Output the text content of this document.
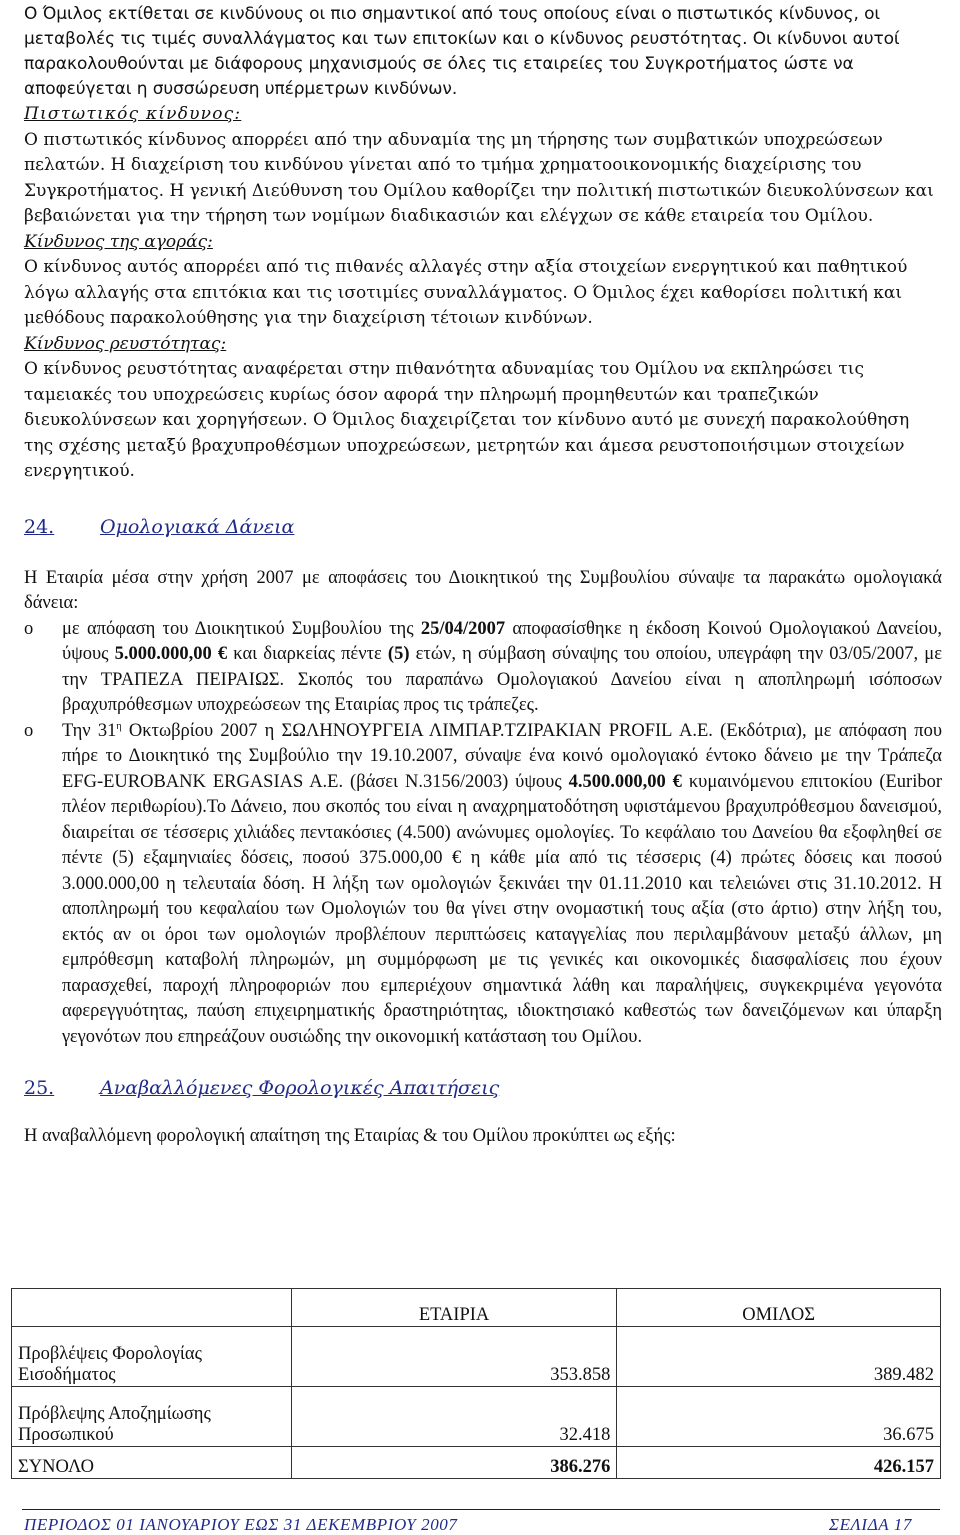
Ο Όμιλος εκτίθεται σε κινδύνους οι πιο σημαντικοί από τους οποίους είναι ο πιστωτικός κίνδυνος, οι μεταβολές τις τιμές συναλλάγματος και των επιτοκίων και ο κίνδυνος ρευστότητας. Οι κίνδυνοι αυτοί παρακολουθούνται με διάφορους μηχανισμούς σε όλες τις εταιρείες του Συγκροτήματος ώστε να αποφεύγεται η συσσώρευση υπέρμετρων κινδύνων.

Πιστωτικός κίνδυνος:

Ο πιστωτικός κίνδυνος απορρέει από την αδυναμία της μη τήρησης των συμβατικών υποχρεώσεων πελατών. Η διαχείριση του κινδύνου γίνεται από το τμήμα χρηματοοικονομικής διαχείρισης του Συγκροτήματος. Η γενική Διεύθυνση του Ομίλου καθορίζει την πολιτική πιστωτικών διευκολύνσεων και βεβαιώνεται για την τήρηση των νομίμων διαδικασιών και ελέγχων σε κάθε εταιρεία του Ομίλου.

Κίνδυνος της αγοράς:

Ο κίνδυνος αυτός απορρέει από τις πιθανές αλλαγές στην αξία στοιχείων ενεργητικού και παθητικού λόγω αλλαγής στα επιτόκια και τις ισοτιμίες συναλλάγματος. Ο Όμιλος έχει καθορίσει πολιτική και μεθόδους παρακολούθησης για την διαχείριση τέτοιων κινδύνων.

Κίνδυνος ρευστότητας:

Ο κίνδυνος ρευστότητας αναφέρεται στην πιθανότητα αδυναμίας του Ομίλου να εκπληρώσει τις ταμειακές του υποχρεώσεις κυρίως όσον αφορά την πληρωμή προμηθευτών και τραπεζικών διευκολύνσεων και χορηγήσεων. Ο Όμιλος διαχειρίζεται τον κίνδυνο αυτό με συνεχή παρακολούθηση της σχέσης μεταξύ βραχυπροθέσμων υποχρεώσεων, μετρητών και άμεσα ρευστοποιήσιμων στοιχείων ενεργητικού.

24.	Ομολογιακά Δάνεια

Η Εταιρία μέσα στην χρήση 2007 με αποφάσεις του Διοικητικού της Συμβουλίου σύναψε τα παρακάτω ομολογιακά δάνεια:

o	με απόφαση του Διοικητικού Συμβουλίου της 25/04/2007 αποφασίσθηκε η έκδοση Κοινού Ομολογιακού Δανείου, ύψους 5.000.000,00 € και διαρκείας πέντε (5) ετών, η σύμβαση σύναψης του οποίου, υπεγράφη την 03/05/2007, με την ΤΡΑΠΕΖΑ ΠΕΙΡΑΙΩΣ. Σκοπός του παραπάνω Ομολογιακού Δανείου είναι η αποπληρωμή ισόποσων βραχυπρόθεσμων υποχρεώσεων της Εταιρίας προς τις τράπεζες.
o	Την $31^\eta$ Οκτωβρίου 2007 η ΣΩΛΗΝΟΥΡΓΕΙΑ ΛΙΜΠΑΡ.ΤΖΙΡΑΚΙΑΝ PROFIL Α.Ε. (Εκδότρια), με απόφαση που πήρε το Διοικητικό της Συμβούλιο την 19.10.2007, σύναψε ένα κοινό ομολογιακό έντοκο δάνειο με την Τράπεζα EFG-EUROBANK ERGASIAS A.E. (βάσει Ν.3156/2003) ύψους 4.500.000,00 € κυμαινόμενου επιτοκίου (Euribor πλέον περιθωρίου).Το Δάνειο, που σκοπός του είναι η αναχρηματοδότηση υφιστάμενου βραχυπρόθεσμου δανεισμού, διαιρείται σε τέσσερις χιλιάδες πεντακόσιες (4.500) ανώνυμες ομολογίες. Το κεφάλαιο του Δανείου θα εξοφληθεί σε πέντε (5) εξαμηνιαίες δόσεις, ποσού 375.000,00 € η κάθε μία από τις τέσσερις (4) πρώτες δόσεις και ποσού 3.000.000,00 η τελευταία δόση. Η λήξη των ομολογιών ξεκινάει την 01.11.2010 και τελειώνει στις 31.10.2012. Η αποπληρωμή του κεφαλαίου των Ομολογιών του θα γίνει στην ονομαστική τους αξία (στο άρτιο) στην λήξη του, εκτός αν οι όροι των ομολογιών προβλέπουν περιπτώσεις καταγγελίας που περιλαμβάνουν μεταξύ άλλων, μη εμπρόθεσμη καταβολή πληρωμών, μη συμμόρφωση με τις γενικές και οικονομικές διασφαλίσεις που έχουν παρασχεθεί, παροχή πληροφοριών που εμπεριέχουν σημαντικά λάθη και παραλήψεις, συγκεκριμένα γεγονότα αφερεγγυότητας, παύση επιχειρηματικής δραστηριότητας, ιδιοκτησιακό καθεστώς των δανειζόμενων και ύπαρξη γεγονότων που επηρεάζουν ουσιώδης την οικονομική κατάσταση του Ομίλου.
25.	Αναβαλλόμενες Φορολογικές Απαιτήσεις

Η αναβαλλόμενη φορολογική απαίτηση της Εταιρίας & του Ομίλου προκύπτει ως εξής:

	ΕΤΑΙΡΙΑ	ΟΜΙΛΟΣ

Προβλέψεις Φορολογίας
Εισοδήματος	353.858	389.482

Πρόβλεψης Αποζημίωσης
Προσωπικού	32.418	36.675
ΣΥΝΟΛΟ	386.276	426.157
ΠΕΡΙΟΔΟΣ 01 ΙΑΝΟΥΑΡΙΟΥ ΕΩΣ 31 ΔΕΚΕΜΒΡΙΟΥ 2007	ΣΕΛΙΔΑ 17
